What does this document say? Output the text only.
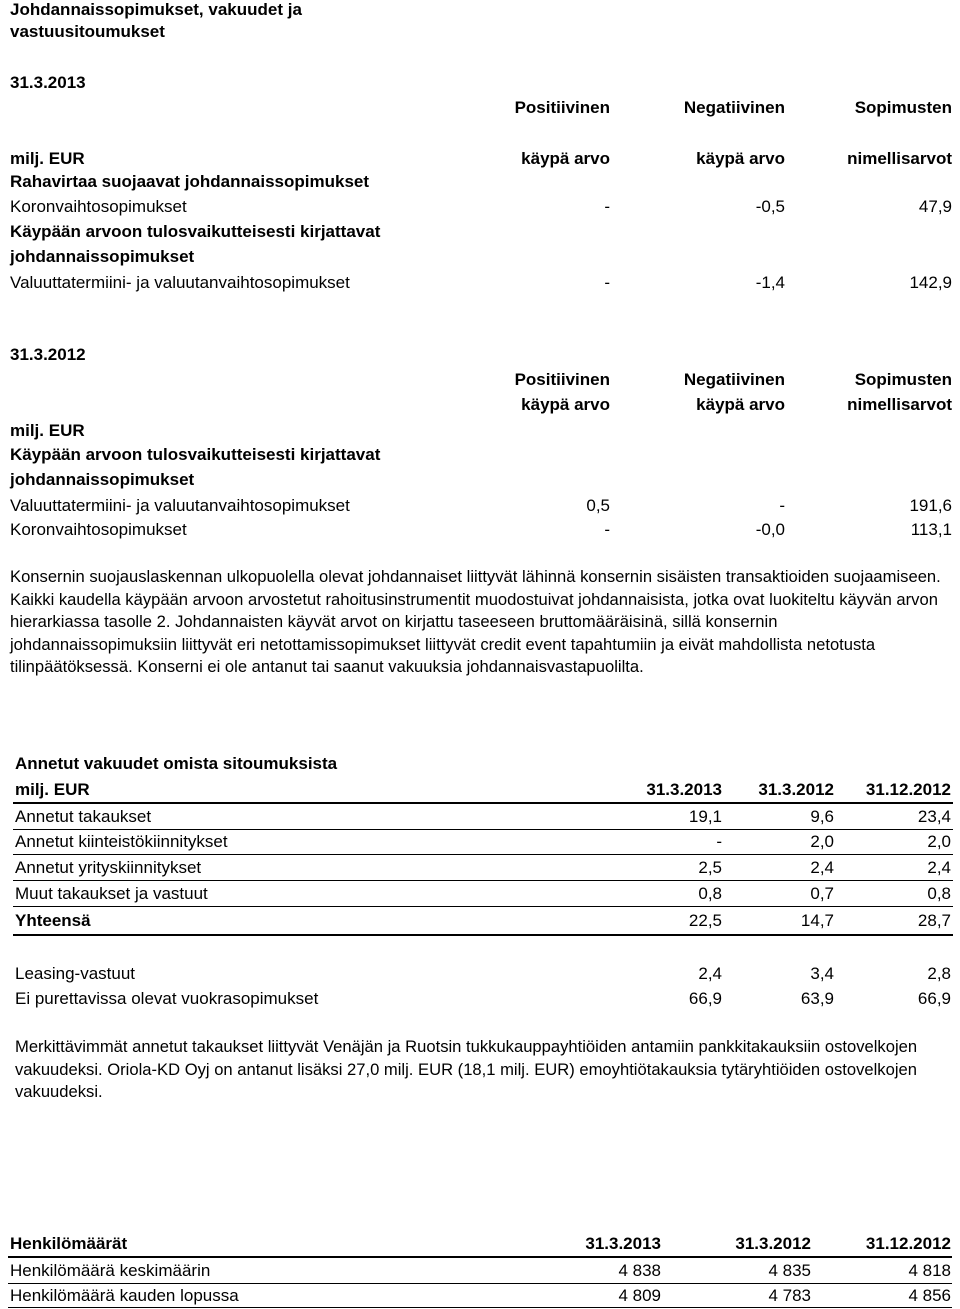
Johdannaissopimukset, vakuudet ja
vastuusitoumukset
31.3.2013
Positiivinen	Negatiivinen	Sopimusten
milj. EUR	käypä arvo	käypä arvo	nimellisarvot
Rahavirtaa suojaavat johdannaissopimukset
Koronvaihtosopimukset	-	-0,5	47,9
Käypään arvoon tulosvaikutteisesti kirjattavat
johdannaissopimukset
Valuuttatermiini- ja valuutanvaihtosopimukset	-	-1,4	142,9
31.3.2012
Positiivinen	Negatiivinen	Sopimusten
käypä arvo	käypä arvo	nimellisarvot
milj. EUR
Käypään arvoon tulosvaikutteisesti kirjattavat
johdannaissopimukset
Valuuttatermiini- ja valuutanvaihtosopimukset	0,5	-	191,6
Koronvaihtosopimukset	-	-0,0	113,1
Konsernin suojauslaskennan ulkopuolella olevat johdannaiset liittyvät lähinnä konsernin sisäisten transaktioiden suojaamiseen. Kaikki kaudella käypään arvoon arvostetut rahoitusinstrumentit muodostuivat johdannaisista, jotka ovat luokiteltu käyvän arvon hierarkiassa tasolle 2. Johdannaisten käyvät arvot on kirjattu taseeseen bruttomääräisinä, sillä konsernin johdannaissopimuksiin liittyvät eri netottamissopimukset liittyvät credit event tapahtumiin ja eivät mahdollista netotusta tilinpäätöksessä. Konserni ei ole antanut tai saanut vakuuksia johdannaisvastapuolilta.
Annetut vakuudet omista sitoumuksista
milj. EUR	31.3.2013	31.3.2012	31.12.2012
Annetut takaukset	19,1	9,6	23,4
Annetut kiinteistökiinnitykset	-	2,0	2,0
Annetut yrityskiinnitykset	2,5	2,4	2,4
Muut takaukset ja vastuut	0,8	0,7	0,8
Yhteensä	22,5	14,7	28,7
Leasing-vastuut	2,4	3,4	2,8
Ei purettavissa olevat vuokrasopimukset	66,9	63,9	66,9
Merkittävimmät annetut takaukset liittyvät Venäjän ja Ruotsin tukkukauppayhtiöiden antamiin pankkitakauksiin ostovelkojen vakuudeksi. Oriola-KD Oyj on antanut lisäksi 27,0 milj. EUR (18,1 milj. EUR) emoyhtiötakauksia tytäryhtiöiden ostovelkojen vakuudeksi.
Henkilömäärät	31.3.2013	31.3.2012	31.12.2012
Henkilömäärä keskimäärin	4 838	4 835	4 818
Henkilömäärä kauden lopussa	4 809	4 783	4 856
